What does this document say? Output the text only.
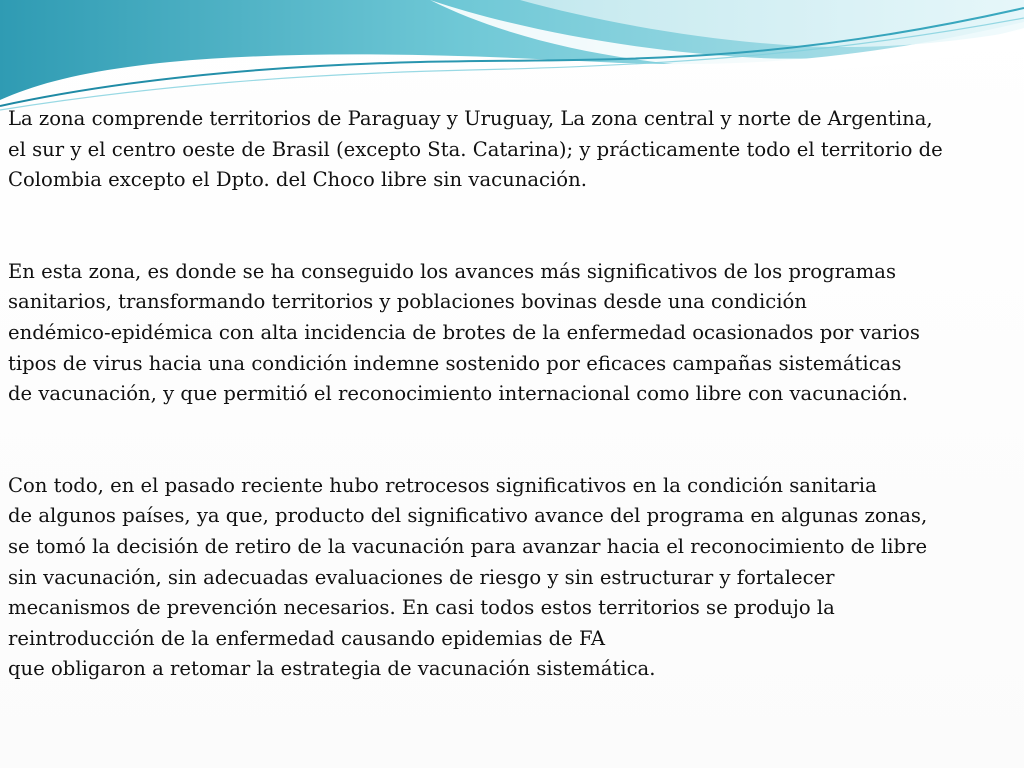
La zona comprende territorios de Paraguay y Uruguay, La zona central y norte de Argentina,
el sur y el centro oeste de Brasil (excepto Sta. Catarina); y prácticamente todo el territorio de
Colombia excepto el Dpto. del Choco libre sin vacunación.

En esta zona, es donde se ha conseguido los avances más significativos de los programas
sanitarios, transformando territorios y poblaciones bovinas desde una condición
endémico-epidémica con alta incidencia de brotes de la enfermedad ocasionados por varios
tipos de virus hacia una condición indemne sostenido por eficaces campañas sistemáticas
de vacunación, y que permitió el reconocimiento internacional como libre con vacunación.

Con todo, en el pasado reciente hubo retrocesos significativos en la condición sanitaria
de algunos países, ya que, producto del significativo avance del programa en algunas zonas,
se tomó la decisión de retiro de la vacunación para avanzar hacia el reconocimiento de libre
sin vacunación, sin adecuadas evaluaciones de riesgo y sin estructurar y fortalecer
mecanismos de prevención necesarios. En casi todos estos territorios se produjo la
reintroducción de la enfermedad causando epidemias de FA
que obligaron a retomar la estrategia de vacunación sistemática.
